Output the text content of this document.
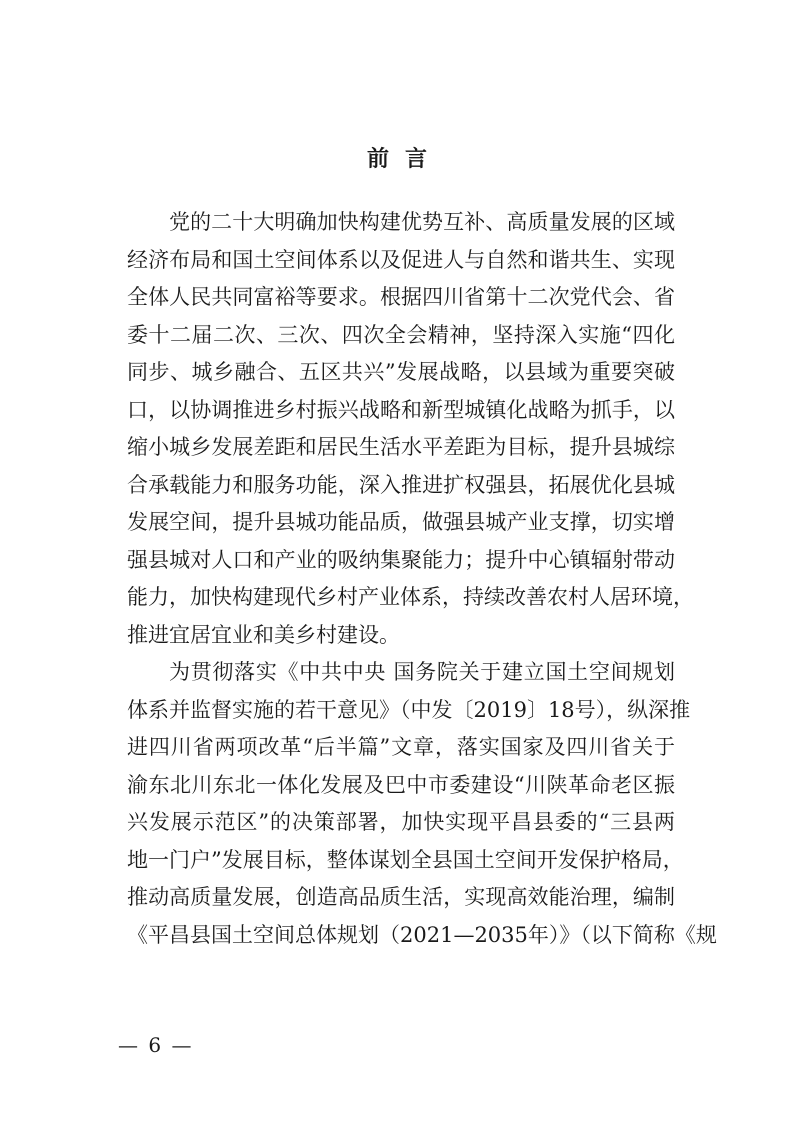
前言
党的二十大明确加快构建优势互补、高质量发展的区域
经济布局和国土空间体系以及促进人与自然和谐共生、实现
全体人民共同富裕等要求。根据四川省第十二次党代会、省
委十二届二次、三次、四次全会精神，坚持深入实施“四化
同步、城乡融合、五区共兴”发展战略，以县域为重要突破
口，以协调推进乡村振兴战略和新型城镇化战略为抓手，以
缩小城乡发展差距和居民生活水平差距为目标，提升县城综
合承载能力和服务功能，深入推进扩权强县，拓展优化县城
发展空间，提升县城功能品质，做强县城产业支撑，切实增
强县城对人口和产业的吸纳集聚能力；提升中心镇辐射带动
能力，加快构建现代乡村产业体系，持续改善农村人居环境，
推进宜居宜业和美乡村建设。
为贯彻落实《中共中央 国务院关于建立国土空间规划
体系并监督实施的若干意见》（中发〔2019〕18号），纵深推
进四川省两项改革“后半篇”文章，落实国家及四川省关于
渝东北川东北一体化发展及巴中市委建设“川陕革命老区振
兴发展示范区”的决策部署，加快实现平昌县委的“三县两
地一门户”发展目标，整体谋划全县国土空间开发保护格局，
推动高质量发展，创造高品质生活，实现高效能治理，编制
《平昌县国土空间总体规划（2021—2035年）》（以下简称《规
— 6 —
